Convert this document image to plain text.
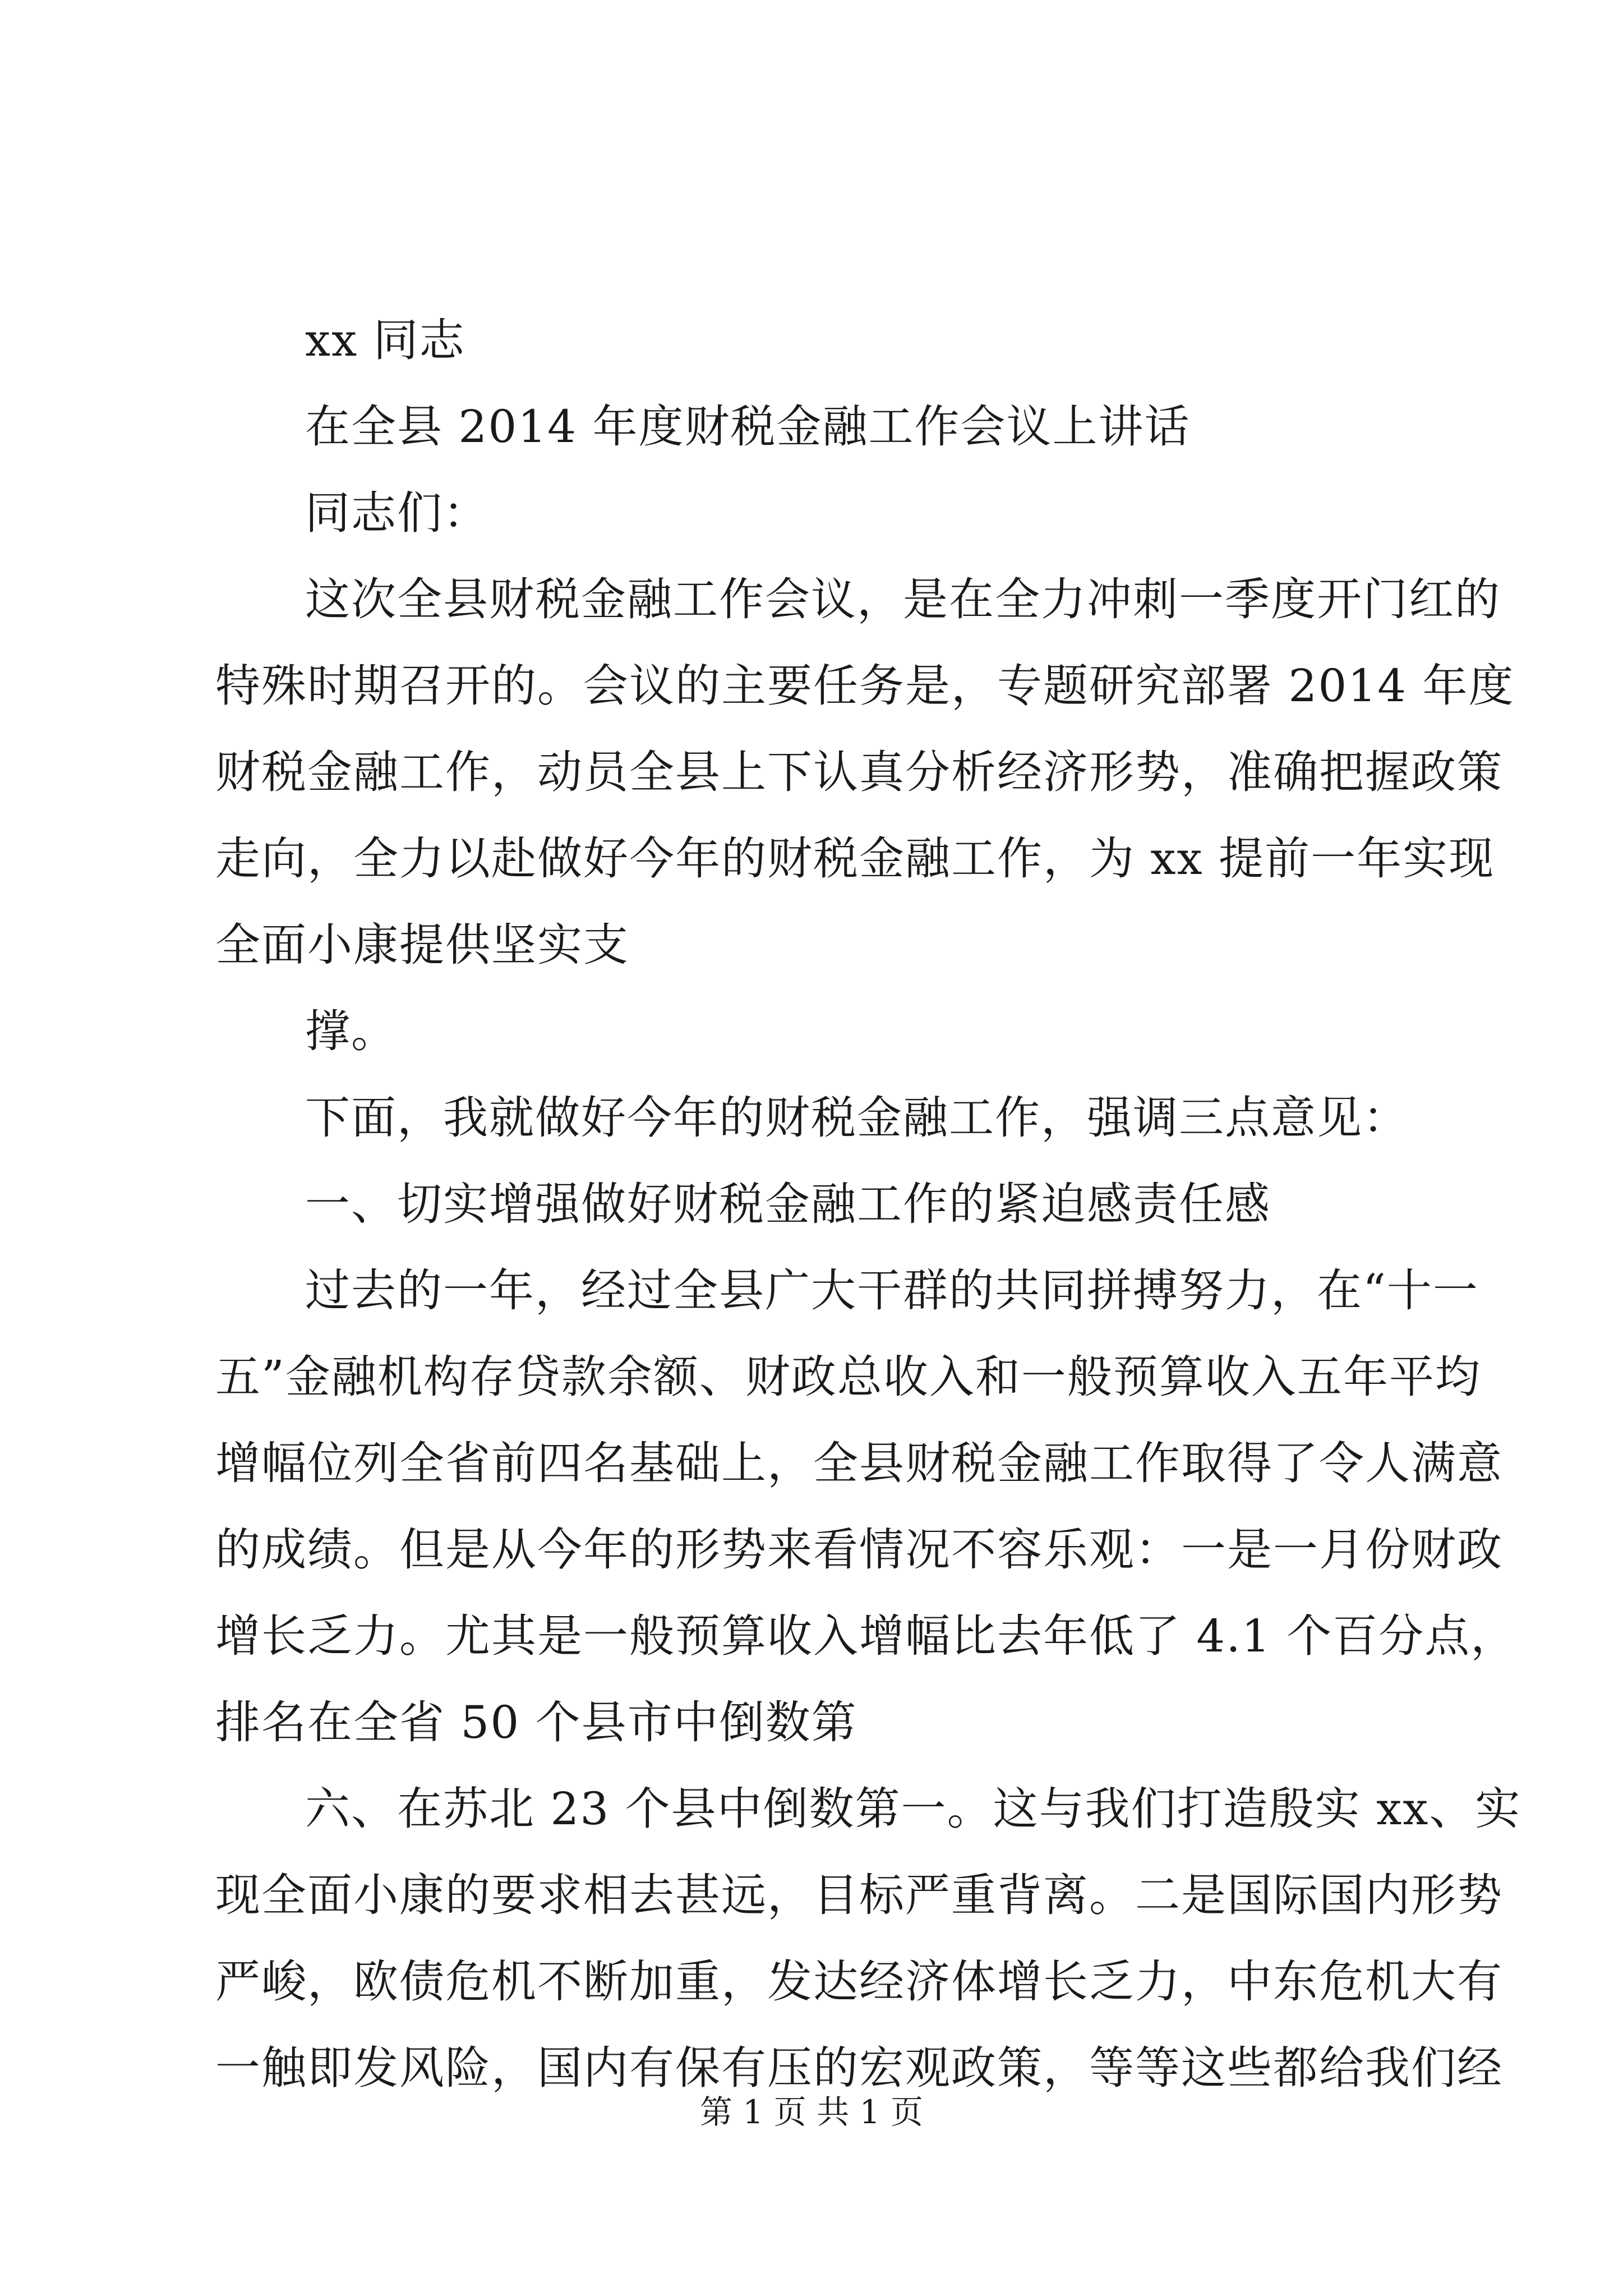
xx 同志
在全县 2014 年度财税金融工作会议上讲话
同志们：
这次全县财税金融工作会议，是在全力冲刺一季度开门红的
特殊时期召开的。会议的主要任务是，专题研究部署 2014 年度
财税金融工作，动员全县上下认真分析经济形势，准确把握政策
走向，全力以赴做好今年的财税金融工作，为 xx 提前一年实现
全面小康提供坚实支
撑。
下面，我就做好今年的财税金融工作，强调三点意见：
一、切实增强做好财税金融工作的紧迫感责任感
过去的一年，经过全县广大干群的共同拼搏努力，在“十一
五”金融机构存贷款余额、财政总收入和一般预算收入五年平均
增幅位列全省前四名基础上，全县财税金融工作取得了令人满意
的成绩。但是从今年的形势来看情况不容乐观：一是一月份财政
增长乏力。尤其是一般预算收入增幅比去年低了 4.1 个百分点，
排名在全省 50 个县市中倒数第
六、在苏北 23 个县中倒数第一。这与我们打造殷实 xx、实
现全面小康的要求相去甚远，目标严重背离。二是国际国内形势
严峻，欧债危机不断加重，发达经济体增长乏力，中东危机大有
一触即发风险，国内有保有压的宏观政策，等等这些都给我们经
第 1 页 共 1 页
